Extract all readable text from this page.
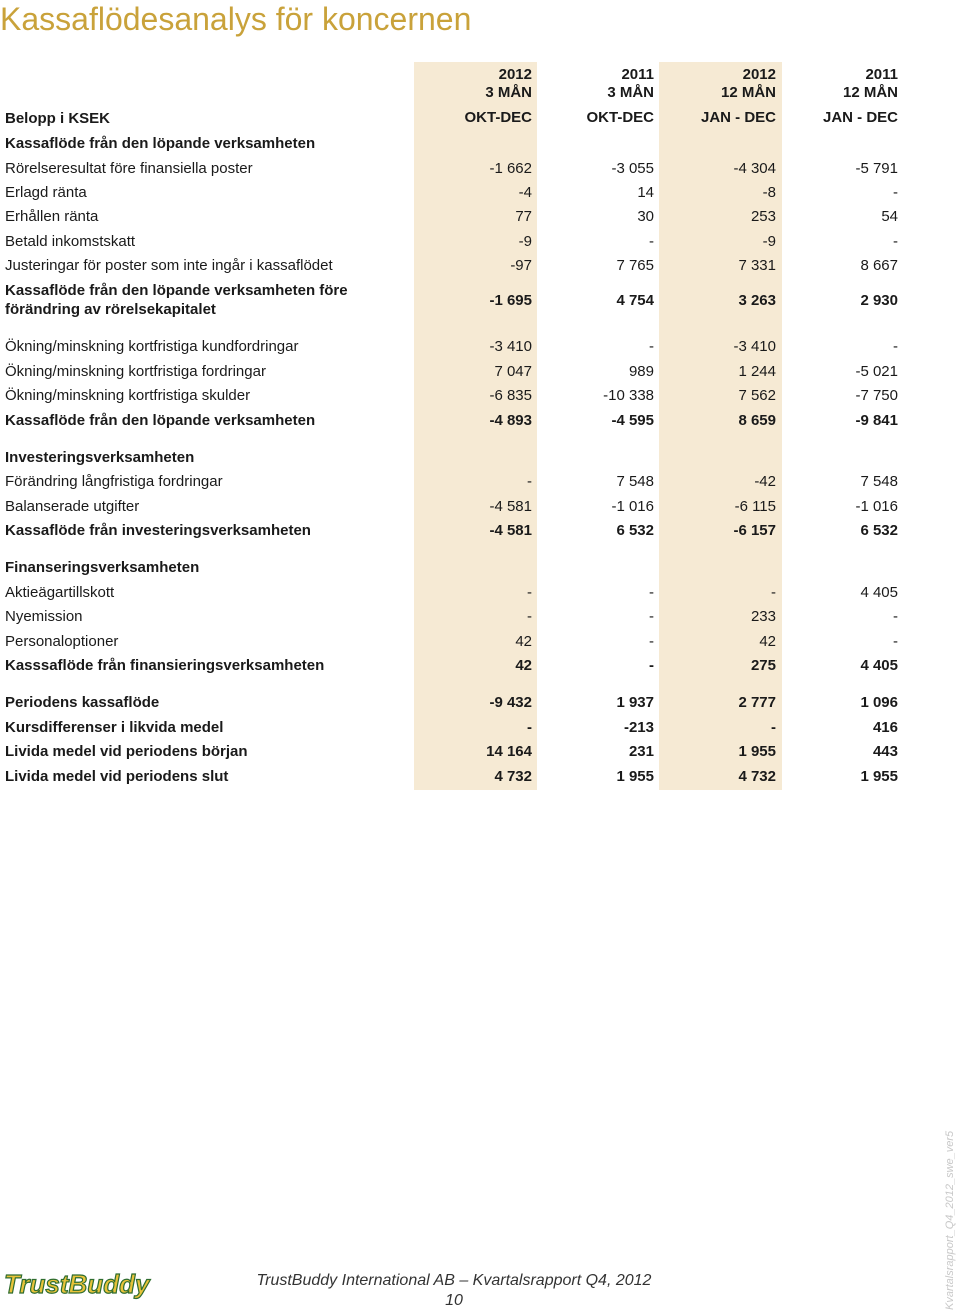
Kassaflödesanalys för koncernen
2012	2011	2012	2011
3 MÅN	3 MÅN	12 MÅN	12 MÅN
Belopp i KSEK	OKT-DEC	OKT-DEC	JAN - DEC	JAN - DEC
Kassaflöde från den löpande verksamheten
Rörelseresultat före finansiella poster	-1 662	-3 055	-4 304	-5 791
Erlagd ränta	-4	14	-8	-
Erhållen ränta	77	30	253	54
Betald inkomstskatt	-9	-	-9	-
Justeringar för poster som inte ingår i kassaflödet	-97	7 765	7 331	8 667
Kassaflöde från den löpande verksamheten före
förändring av rörelsekapitalet
-1 695	4 754	3 263	2 930
Ökning/minskning kortfristiga kundfordringar	-3 410	-	-3 410	-
Ökning/minskning kortfristiga fordringar	7 047	989	1 244	-5 021
Ökning/minskning kortfristiga skulder	-6 835	-10 338	7 562	-7 750
Kassaflöde från den löpande verksamheten	-4 893	-4 595	8 659	-9 841
Investeringsverksamheten
Förändring långfristiga fordringar	-	7 548	-42	7 548
Balanserade utgifter	-4 581	-1 016	-6 115	-1 016
Kassaflöde från investeringsverksamheten	-4 581	6 532	-6 157	6 532
Finanseringsverksamheten
Aktieägartillskott	-	-	-	4 405
Nyemission	-	-	233	-
Personaloptioner	42	-	42	-
Kasssaflöde från finansieringsverksamheten	42	-	275	4 405
Periodens kassaflöde	-9 432	1 937	2 777	1 096
Kursdifferenser i likvida medel	-	-213	-	416
Livida medel vid periodens början	14 164	231	1 955	443
Livida medel vid periodens slut	4 732	1 955	4 732	1 955
TrustBuddy	TrustBuddy International AB – Kvartalsrapport Q4, 2012
10	Kvartalsrapport_Q4_2012_swe_ver5
